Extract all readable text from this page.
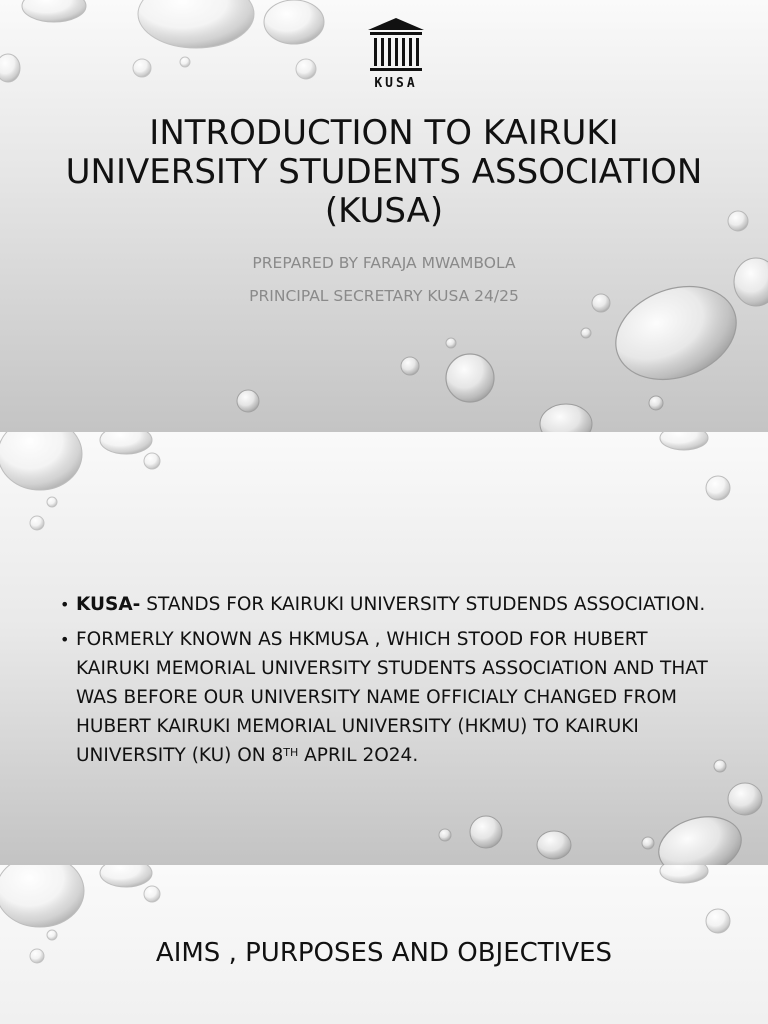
KUSA
INTRODUCTION TO KAIRUKI UNIVERSITY STUDENTS ASSOCIATION (KUSA)
PREPARED BY FARAJA MWAMBOLA
PRINCIPAL SECRETARY KUSA 24/25
• KUSA- STANDS FOR KAIRUKI UNIVERSITY STUDENDS ASSOCIATION.
• FORMERLY KNOWN AS HKMUSA , WHICH STOOD FOR HUBERT KAIRUKI MEMORIAL UNIVERSITY STUDENTS ASSOCIATION AND THAT WAS BEFORE OUR UNIVERSITY NAME OFFICIALY CHANGED FROM HUBERT KAIRUKI MEMORIAL UNIVERSITY (HKMU) TO KAIRUKI UNIVERSITY (KU) ON 8TH APRIL 2O24.
AIMS , PURPOSES AND OBJECTIVES
